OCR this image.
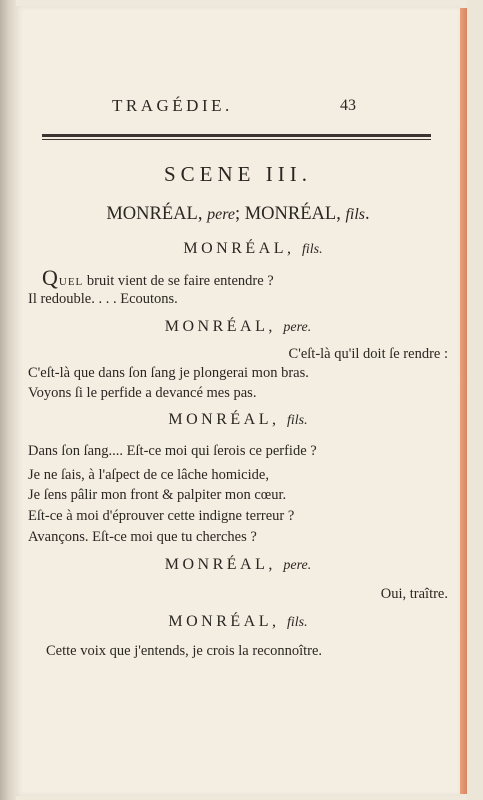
TRAGÉDIE.	43
SCENE III.
MONRÉAL, pere; MONRÉAL, fils.
MONRÉAL, fils.
QUEL bruit vient de se faire entendre ?
Il redouble. . . . Ecoutons.
MONRÉAL, pere.
C'eſt-là qu'il doit ſe rendre :
C'eſt-là que dans ſon ſang je plongerai mon bras.
Voyons ſi le perfide a devancé mes pas.
MONRÉAL, fils.
Dans ſon ſang.... Eſt-ce moi qui ſerois ce perfide ?
Je ne ſais, à l'aſpect de ce lâche homicide,
Je ſens pâlir mon front & palpiter mon cœur.
Eſt-ce à moi d'éprouver cette indigne terreur ?
Avançons. Eſt-ce moi que tu cherches ?
MONRÉAL, pere.
Oui, traître.
MONRÉAL, fils.
Cette voix que j'entends, je crois la reconnoître.
